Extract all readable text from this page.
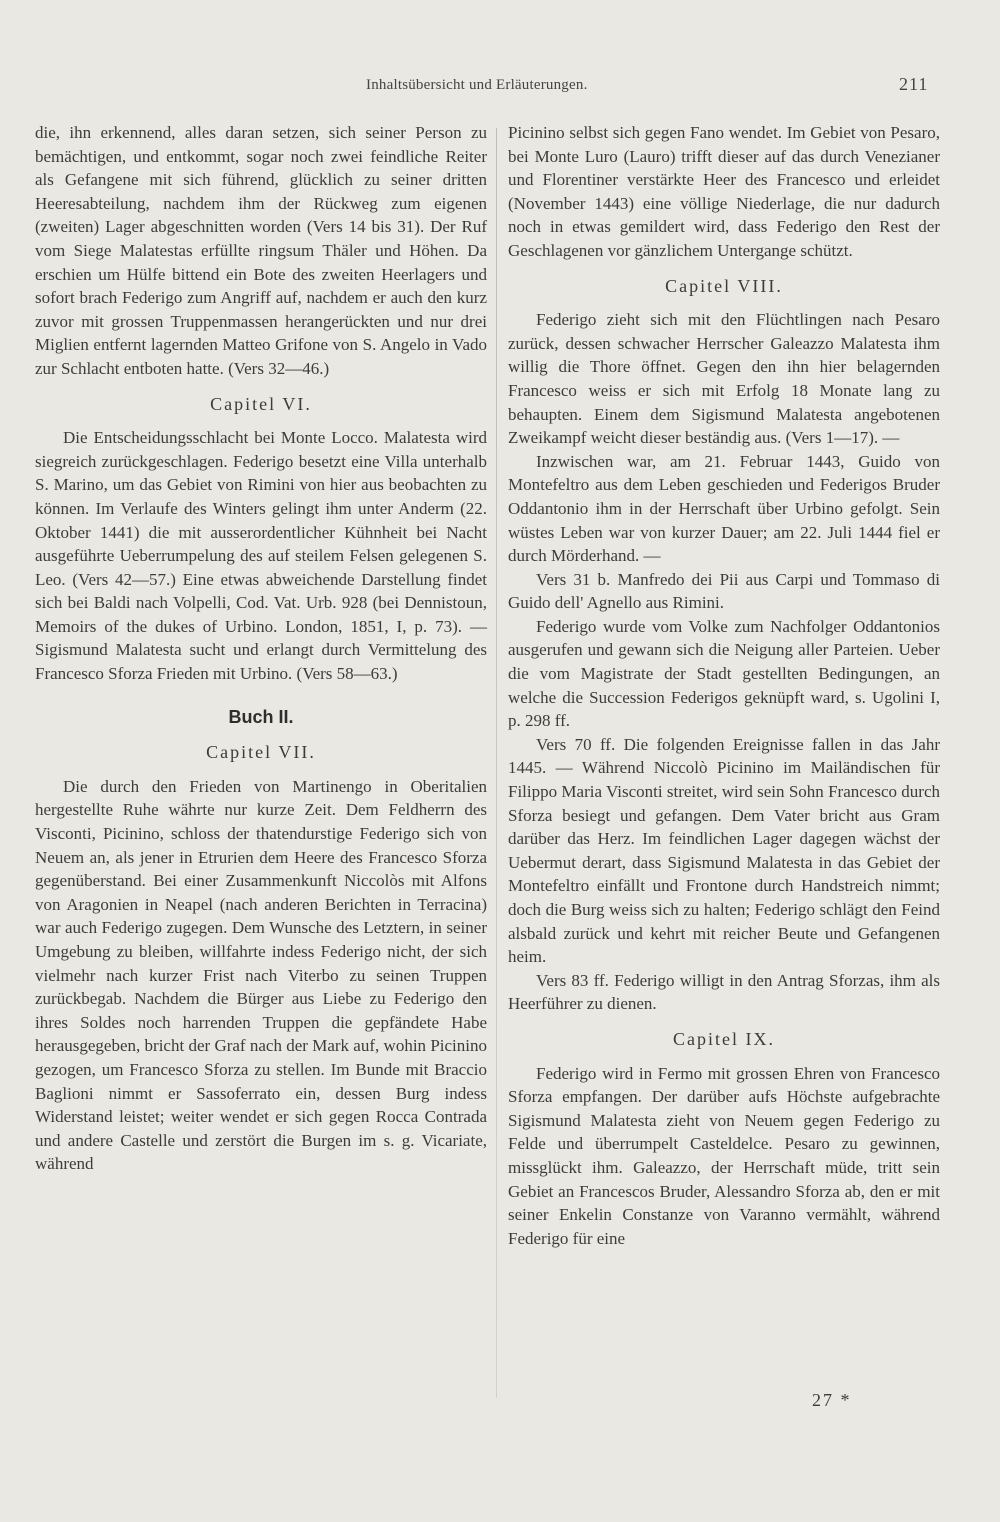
Inhaltsübersicht und Erläuterungen.	211

die, ihn erkennend, alles daran setzen, sich seiner Person zu bemächtigen, und entkommt, sogar noch zwei feindliche Reiter als Gefangene mit sich führend, glücklich zu seiner dritten Heeresabteilung, nachdem ihm der Rückweg zum eigenen (zweiten) Lager abgeschnitten worden (Vers 14 bis 31). Der Ruf vom Siege Malatestas erfüllte ringsum Thäler und Höhen. Da erschien um Hülfe bittend ein Bote des zweiten Heerlagers und sofort brach Federigo zum Angriff auf, nachdem er auch den kurz zuvor mit grossen Truppenmassen herangerückten und nur drei Miglien entfernt lagernden Matteo Grifone von S. Angelo in Vado zur Schlacht entboten hatte. (Vers 32—46.)

Capitel VI.

Die Entscheidungsschlacht bei Monte Locco. Malatesta wird siegreich zurückgeschlagen. Federigo besetzt eine Villa unterhalb S. Marino, um das Gebiet von Rimini von hier aus beobachten zu können. Im Verlaufe des Winters gelingt ihm unter Anderm (22. Oktober 1441) die mit ausserordentlicher Kühnheit bei Nacht ausgeführte Ueberrumpelung des auf steilem Felsen gelegenen S. Leo. (Vers 42—57.) Eine etwas abweichende Darstellung findet sich bei Baldi nach Volpelli, Cod. Vat. Urb. 928 (bei Dennistoun, Memoirs of the dukes of Urbino. London, 1851, I, p. 73). — Sigismund Malatesta sucht und erlangt durch Vermittelung des Francesco Sforza Frieden mit Urbino. (Vers 58—63.)

Buch II.
Capitel VII.

Die durch den Frieden von Martinengo in Oberitalien hergestellte Ruhe währte nur kurze Zeit. Dem Feldherrn des Visconti, Picinino, schloss der thatendurstige Federigo sich von Neuem an, als jener in Etrurien dem Heere des Francesco Sforza gegenüberstand. Bei einer Zusammenkunft Niccolòs mit Alfons von Aragonien in Neapel (nach anderen Berichten in Terracina) war auch Federigo zugegen. Dem Wunsche des Letztern, in seiner Umgebung zu bleiben, willfahrte indess Federigo nicht, der sich vielmehr nach kurzer Frist nach Viterbo zu seinen Truppen zurückbegab. Nachdem die Bürger aus Liebe zu Federigo den ihres Soldes noch harrenden Truppen die gepfändete Habe herausgegeben, bricht der Graf nach der Mark auf, wohin Picinino gezogen, um Francesco Sforza zu stellen. Im Bunde mit Braccio Baglioni nimmt er Sassoferrato ein, dessen Burg indess Widerstand leistet; weiter wendet er sich gegen Rocca Contrada und andere Castelle und zerstört die Burgen im s. g. Vicariate, während

Picinino selbst sich gegen Fano wendet. Im Gebiet von Pesaro, bei Monte Luro (Lauro) trifft dieser auf das durch Venezianer und Florentiner verstärkte Heer des Francesco und erleidet (November 1443) eine völlige Niederlage, die nur dadurch noch in etwas gemildert wird, dass Federigo den Rest der Geschlagenen vor gänzlichem Untergange schützt.

Capitel VIII.

Federigo zieht sich mit den Flüchtlingen nach Pesaro zurück, dessen schwacher Herrscher Galeazzo Malatesta ihm willig die Thore öffnet. Gegen den ihn hier belagernden Francesco weiss er sich mit Erfolg 18 Monate lang zu behaupten. Einem dem Sigismund Malatesta angebotenen Zweikampf weicht dieser beständig aus. (Vers 1—17). —

Inzwischen war, am 21. Februar 1443, Guido von Montefeltro aus dem Leben geschieden und Federigos Bruder Oddantonio ihm in der Herrschaft über Urbino gefolgt. Sein wüstes Leben war von kurzer Dauer; am 22. Juli 1444 fiel er durch Mörderhand. —

Vers 31 b. Manfredo dei Pii aus Carpi und Tommaso di Guido dell' Agnello aus Rimini.

Federigo wurde vom Volke zum Nachfolger Oddantonios ausgerufen und gewann sich die Neigung aller Parteien. Ueber die vom Magistrate der Stadt gestellten Bedingungen, an welche die Succession Federigos geknüpft ward, s. Ugolini I, p. 298 ff.

Vers 70 ff. Die folgenden Ereignisse fallen in das Jahr 1445. — Während Niccolò Picinino im Mailändischen für Filippo Maria Visconti streitet, wird sein Sohn Francesco durch Sforza besiegt und gefangen. Dem Vater bricht aus Gram darüber das Herz. Im feindlichen Lager dagegen wächst der Uebermut derart, dass Sigismund Malatesta in das Gebiet der Montefeltro einfällt und Frontone durch Handstreich nimmt; doch die Burg weiss sich zu halten; Federigo schlägt den Feind alsbald zurück und kehrt mit reicher Beute und Gefangenen heim.

Vers 83 ff. Federigo willigt in den Antrag Sforzas, ihm als Heerführer zu dienen.

Capitel IX.

Federigo wird in Fermo mit grossen Ehren von Francesco Sforza empfangen. Der darüber aufs Höchste aufgebrachte Sigismund Malatesta zieht von Neuem gegen Federigo zu Felde und überrumpelt Casteldelce. Pesaro zu gewinnen, missglückt ihm. Galeazzo, der Herrschaft müde, tritt sein Gebiet an Francescos Bruder, Alessandro Sforza ab, den er mit seiner Enkelin Constanze von Varanno vermählt, während Federigo für eine

27 *
